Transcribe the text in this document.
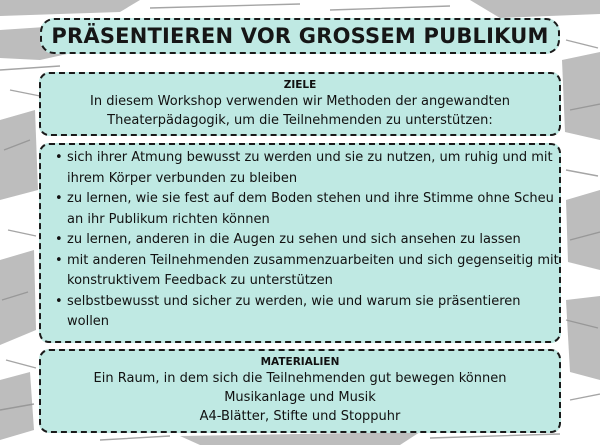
PRÄSENTIEREN VOR GROSSEM PUBLIKUM
ZIELE
In diesem Workshop verwenden wir Methoden der angewandten
Theaterpädagogik, um die Teilnehmenden zu unterstützen:
• sich ihrer Atmung bewusst zu werden und sie zu nutzen, um ruhig und mit
ihrem Körper verbunden zu bleiben
• zu lernen, wie sie fest auf dem Boden stehen und ihre Stimme ohne Scheu
an ihr Publikum richten können
• zu lernen, anderen in die Augen zu sehen und sich ansehen zu lassen
• mit anderen Teilnehmenden zusammenzuarbeiten und sich gegenseitig mit
konstruktivem Feedback zu unterstützen
• selbstbewusst und sicher zu werden, wie und warum sie präsentieren
wollen
MATERIALIEN
Ein Raum, in dem sich die Teilnehmenden gut bewegen können
Musikanlage und Musik
A4-Blätter, Stifte und Stoppuhr
